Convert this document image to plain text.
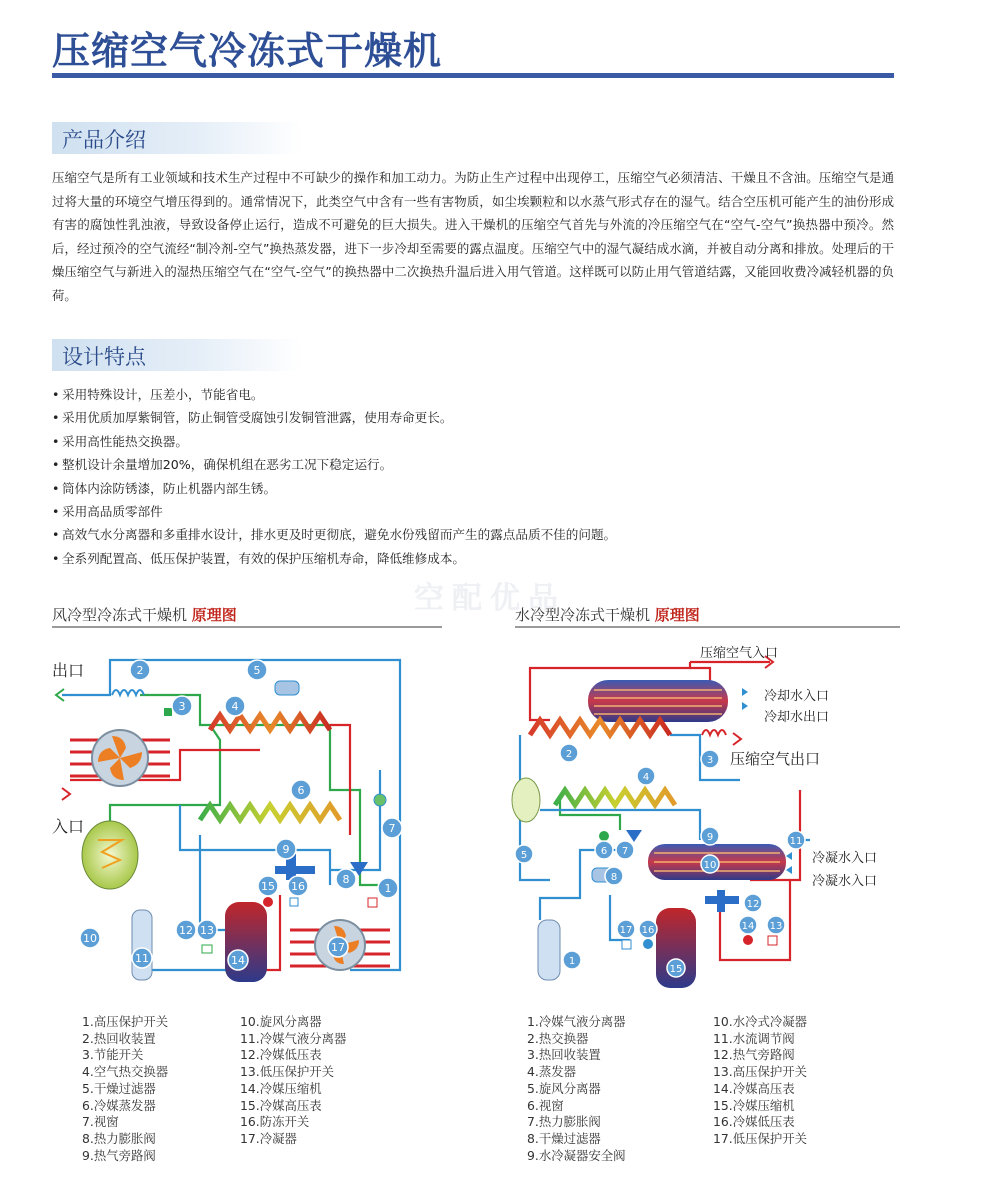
压缩空气冷冻式干燥机
产品介绍
压缩空气是所有工业领域和技术生产过程中不可缺少的操作和加工动力。为防止生产过程中出现停工，压缩空气必须清洁、干燥且不含油。压缩空气是通过将大量的环境空气增压得到的。通常情况下，此类空气中含有一些有害物质，如尘埃颗粒和以水蒸气形式存在的湿气。结合空压机可能产生的油份形成有害的腐蚀性乳浊液，导致设备停止运行，造成不可避免的巨大损失。进入干燥机的压缩空气首先与外流的冷压缩空气在“空气-空气”换热器中预冷。然后，经过预冷的空气流经“制冷剂-空气”换热蒸发器，进下一步冷却至需要的露点温度。压缩空气中的湿气凝结成水滴，并被自动分离和排放。处理后的干燥压缩空气与新进入的湿热压缩空气在“空气-空气”的换热器中二次换热升温后进入用气管道。这样既可以防止用气管道结露，又能回收费冷减轻机器的负荷。
设计特点
• 采用特殊设计，压差小，节能省电。
• 采用优质加厚紫铜管，防止铜管受腐蚀引发铜管泄露，使用寿命更长。
• 采用高性能热交换器。
• 整机设计余量增加20%，确保机组在恶劣工况下稳定运行。
• 筒体内涂防锈漆，防止机器内部生锈。
• 采用高品质零部件
• 高效气水分离器和多重排水设计，排水更及时更彻底，避免水份残留而产生的露点品质不佳的问题。
• 全系列配置高、低压保护装置，有效的保护压缩机寿命，降低维修成本。
空配优品
风冷型冷冻式干燥机 原理图	水冷型冷冻式干燥机 原理图
1
2
3	4
5
6
7
8
9
10
11
12 13
14
15 16
17
出口
入口
1.高压保护开关
2.热回收装置
3.节能开关
4.空气热交换器
5.干燥过滤器
6.冷媒蒸发器
7.视窗
8.热力膨胀阀
9.热气旁路阀
10.旋风分离器
11.冷媒气液分离器
12.冷媒低压表
13.低压保护开关
14.冷媒压缩机
15.冷媒高压表
16.防冻开关
17.冷凝器
1
2
3
4
5	6 7
8
9
10
11
12
13
14
15
16
17
压缩空气入口
冷却水入口
冷却水出口
压缩空气出口
冷凝水入口
冷凝水入口
1.冷媒气液分离器
2.热交换器
3.热回收装置
4.蒸发器
5.旋风分离器
6.视窗
7.热力膨胀阀
8.干燥过滤器
9.水冷凝器安全阀
10.水冷式冷凝器
11.水流调节阀
12.热气旁路阀
13.高压保护开关
14.冷媒高压表
15.冷媒压缩机
16.冷媒低压表
17.低压保护开关
